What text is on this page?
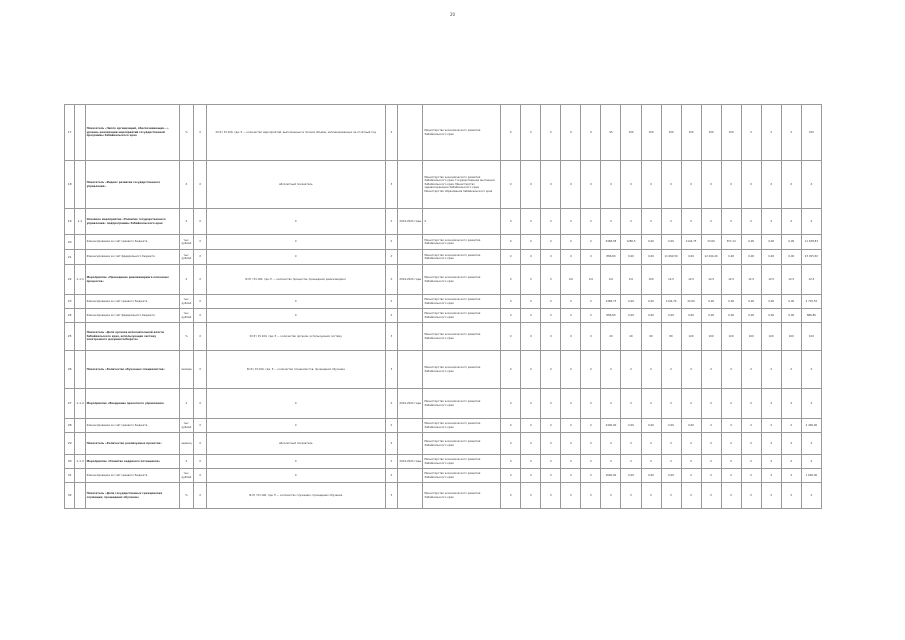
20
17		Показатель «Число организаций, обеспечивающих...» уровень реализации мероприятий государственной программы Забайкальского края	%	Х	N=P / P×100, где: P — количество мероприятий, выполненных в полном объёме, запланированных на отчётный год	3		Министерство экономического развития Забайкальского края	X	X	X	0	0	95	100	100	100	100	100	100	X	X	X	100
18		Показатель «Индекс развития государственного управления»	Х	Х	абсолютный показатель	3		Министерство экономического развития Забайкальского края, Государственная инспекция Забайкальского края, Министерство здравоохранения Забайкальского края, Министерство образования Забайкальского края	X	X	X	X	X	X	X	X	X	X	X	X	X	X	X	X
19	1.1	Основное мероприятие «Развитие государственного управления» подпрограммы Забайкальского края	Х	Х	Х	Х	2019-2024 годы	Х	X	X	X	X	X	X	X	X	X	X	X	X	X	X	X	X
20		Финансирование за счёт краевого бюджета	тыс. рублей	Х	Х	Х		Министерство экономического развития Забайкальского края	X	X	X	X	X	5468,58	1280,5	0,00	0,00	1144,75	23,00	357,14	0,00	0,00	0,00	11 638,83
21		Финансирование за счёт федерального бюджета	тыс. рублей	Х	Х	Х		Министерство экономического развития Забайкальского края	X	X	X	X	X	886,80	0,00	0,00	11 660,50	0,00	12 044,20	0,00	0,00	0,00	0,00	23 455,50
22	1.1.1	Мероприятие «Проведение реинжиниринга ключевых процессов»	Х	Х	N=P / P×100, где: P — количество процессов, прошедших реинжиниринг	Х	2019-2024 годы	Министерство экономического развития Забайкальского края	X	X	X	0,0	0,0	0,0	0,0	100	12,5	12,5	12,5	12,5	12,5	12,5	12,5	12,5
23		Финансирование за счёт краевого бюджета	тыс. рублей	Х	Х	Х		Министерство экономического развития Забайкальского края	X	X	X	X	X	1468,73	0,00	0,00	1144,79	22,00	0,00	0,00	0,00	0,00	0,00	2 735,52
24		Финансирование за счёт федерального бюджета	тыс. рублей	Х	Х	Х		Министерство экономического развития Забайкальского края	X	X	X	X	X	886,80	0,00	0,00	0,00	0,00	0,00	0,00	0,00	0,00	0,00	886,80
25		Показатель «Доля органов исполнительной власти Забайкальского края, использующих систему электронного документооборота»	%	Х	N=P / P×100, где: P — количество органов, использующих систему	3		Министерство экономического развития Забайкальского края	X	X	X	X	X	20	40	60	80	100	100	100	100	100	100	100
26		Показатель «Количество обученных специалистов»	человек	Х	N=P / P×100, где: P — количество специалистов, прошедших обучение	3		Министерство экономического развития Забайкальского края	X	X	X	X	X	X	X	X	X	X	X	X	X	X	X	X
27	1.1.2	Мероприятие «Внедрение проектного управления»	Х	Х	Х	Х	2019-2024 годы	Министерство экономического развития Забайкальского края	X	X	X	X	X	X	X	X	X	X	X	X	X	X	X	X
28		Финансирование за счёт краевого бюджета	тыс. рублей	Х	Х	Х		Министерство экономического развития Забайкальского края	X	X	X	X	X	2400,00	0,00	0,00	0,00	0,00	X	X	X	X	X	2 400,00
29		Показатель «Количество реализуемых проектов»	единиц	Х	абсолютный показатель	3		Министерство экономического развития Забайкальского края	X	X	X	X	X	X	X	X	X	X	X	X	X	X	X	X
30	1.1.3	Мероприятие «Развитие кадрового потенциала»	Х	Х	Х	Х	2019-2024 годы	Министерство экономического развития Забайкальского края	X	X	X	X	X	X	X	X	X	X	X	X	X	X	X	X
31		Финансирование за счёт краевого бюджета	тыс. рублей	Х	Х	Х		Министерство экономического развития Забайкальского края	X	X	X	X	X	1600,00	0,00	0,00	0,00	X	X	X	X	X	X	1 600,00
32		Показатель «Доля государственных гражданских служащих, прошедших обучение»	%	Х	N=P / P×100, где: P — количество служащих, прошедших обучение	3		Министерство экономического развития Забайкальского края	X	X	X	X	X	X	X	X	X	X	X	X	X	X	X	X
